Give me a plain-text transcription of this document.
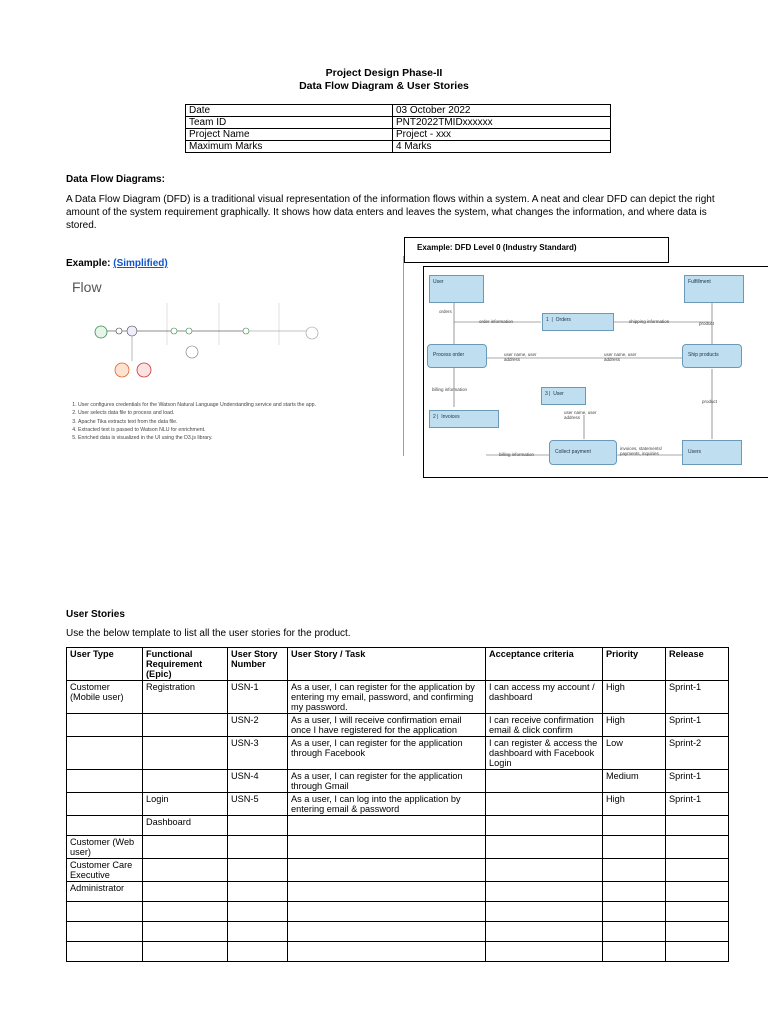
Project Design Phase-II
Data Flow Diagram & User Stories
Date	03 October 2022
Team ID	PNT2022TMIDxxxxxx
Project Name	Project - xxx
Maximum Marks	4 Marks
Data Flow Diagrams:
A Data Flow Diagram (DFD) is a traditional visual representation of the information flows within a system. A neat and clear DFD can depict the right amount of the system requirement graphically. It shows how data enters and leaves the system, what changes the information, and where data is stored.
Example: (Simplified)
Flow
1. User configures credentials for the Watson Natural Language Understanding service and starts the app.
2. User selects data file to process and load.
3. Apache Tika extracts text from the data file.
4. Extracted text is passed to Watson NLU for enrichment.
5. Enriched data is visualized in the UI using the D3.js library.
Example: DFD Level 0 (Industry Standard)
User	Fulfillment
1  |  Orders
Process order	Ship products
3 |  User
2 |  Invoices
Collect payment	Users
orders
order information	shipping information	product
user name, user address
user name, user address
billing information
user name, user address
product
billing information
invoices, statements/ payments, inquiries
User Stories
Use the below template to list all the user stories for the product.
User Type	Functional Requirement (Epic)	User Story Number	User Story / Task	Acceptance criteria	Priority	Release
Customer (Mobile user)	Registration	USN-1	As a user, I can register for the application by entering my email, password, and confirming my password.	I can access my account / dashboard	High	Sprint-1
		USN-2	As a user, I will receive confirmation email once I have registered for the application	I can receive confirmation email & click confirm	High	Sprint-1
		USN-3	As a user, I can register for the application through Facebook	I can register & access the dashboard with Facebook Login	Low	Sprint-2
		USN-4	As a user, I can register for the application through Gmail		Medium	Sprint-1
	Login	USN-5	As a user, I can log into the application by entering email & password		High	Sprint-1
	Dashboard					
Customer (Web user)						
Customer Care Executive						
Administrator						
